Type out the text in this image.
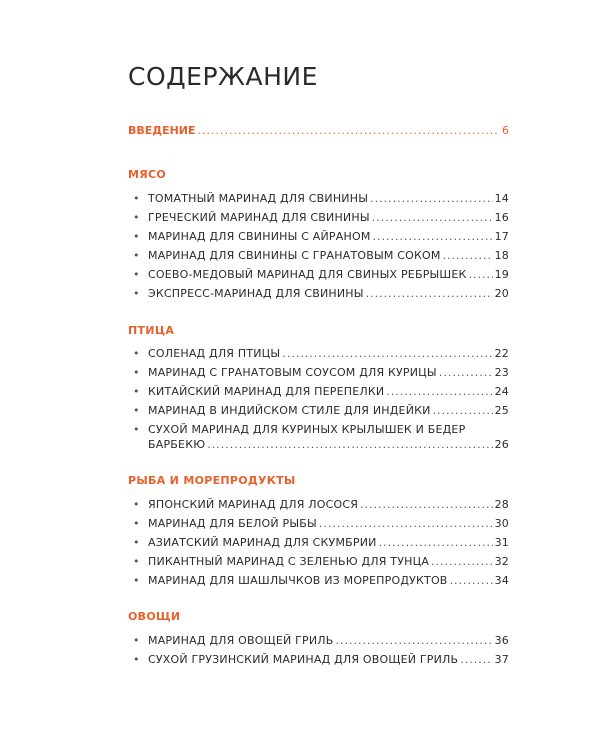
СОДЕРЖАНИЕ
ВВЕДЕНИЕ .....	6
МЯСО
• ТОМАТНЫЙ МАРИНАД ДЛЯ СВИНИНЫ .....	14
• ГРЕЧЕСКИЙ МАРИНАД ДЛЯ СВИНИНЫ .....	16
• МАРИНАД ДЛЯ СВИНИНЫ С АЙРАНОМ .....	17
• МАРИНАД ДЛЯ СВИНИНЫ С ГРАНАТОВЫМ СОКОМ .....	18
• СОЕВО-МЕДОВЫЙ МАРИНАД ДЛЯ СВИНЫХ РЕБРЫШЕК .....	19
• ЭКСПРЕСС-МАРИНАД ДЛЯ СВИНИНЫ .....	20
ПТИЦА
• СОЛЕНАД ДЛЯ ПТИЦЫ .....	22
• МАРИНАД С ГРАНАТОВЫМ СОУСОМ ДЛЯ КУРИЦЫ .....	23
• КИТАЙСКИЙ МАРИНАД ДЛЯ ПЕРЕПЕЛКИ .....	24
• МАРИНАД В ИНДИЙСКОМ СТИЛЕ ДЛЯ ИНДЕЙКИ .....	25
• СУХОЙ МАРИНАД ДЛЯ КУРИНЫХ КРЫЛЫШЕК И БЕДЕР
БАРБЕКЮ .....	26
РЫБА И МОРЕПРОДУКТЫ
• ЯПОНСКИЙ МАРИНАД ДЛЯ ЛОСОСЯ .....	28
• МАРИНАД ДЛЯ БЕЛОЙ РЫБЫ .....	30
• АЗИАТСКИЙ МАРИНАД ДЛЯ СКУМБРИИ .....	31
• ПИКАНТНЫЙ МАРИНАД С ЗЕЛЕНЬЮ ДЛЯ ТУНЦА .....	32
• МАРИНАД ДЛЯ ШАШЛЫЧКОВ ИЗ МОРЕПРОДУКТОВ .....	34
ОВОЩИ
• МАРИНАД ДЛЯ ОВОЩЕЙ ГРИЛЬ .....	36
• СУХОЙ ГРУЗИНСКИЙ МАРИНАД ДЛЯ ОВОЩЕЙ ГРИЛЬ .....	37
